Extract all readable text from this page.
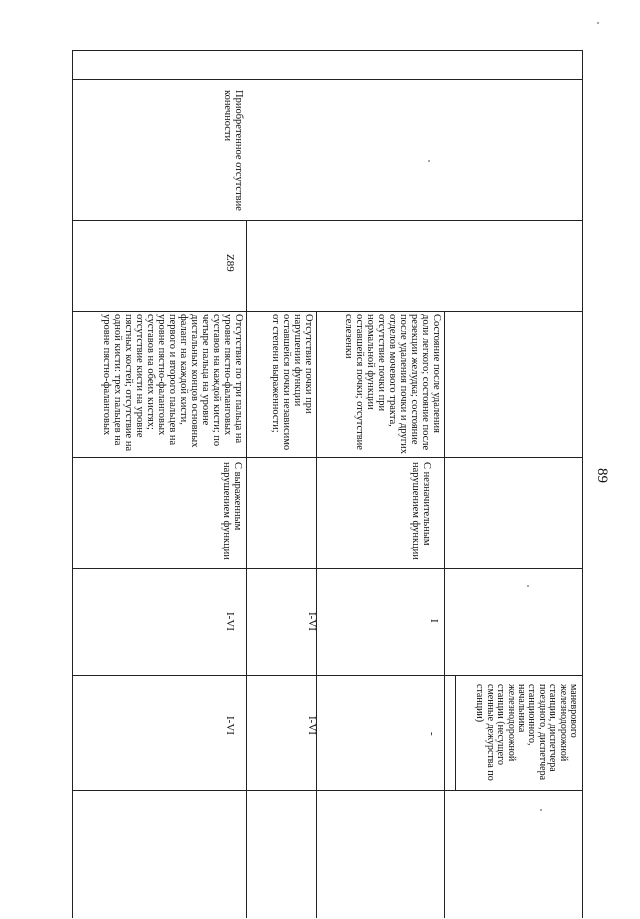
89
маневрового железнодорожной станции, диспетчера поездного, диспетчера станционного, начальника железнодорожной станции (несущего сменные дежурства по станции)
-
Состояние после удаления доли легкого; состояние после резекции желудка; состояние после удаления почки и других отделов мочевого тракта, отсутствие почки при нормальной функции оставшейся почки; отсутствие селезенки
С незначительным нарушением функции
I
Отсутствие почки при нарушении функции оставшейся почки независимо от степени выраженности;
I-VI
I-VI
Приобретенное отсутствие конечности
Z89
Отсутствие по три пальца на уровне пястно-фаланговых суставов на каждой кисти; по четыре пальца на уровне дистальных концов основных фаланг на каждой кисти, первого и второго пальцев на уровне пястно-фаланговых суставов на обеих кистях; отсутствие кисти на уровне пястных костей; отсутствие на одной кисти: трех пальцев на уровне пястно-фаланговых
С выраженным нарушением функции
I-VI
I-VI
